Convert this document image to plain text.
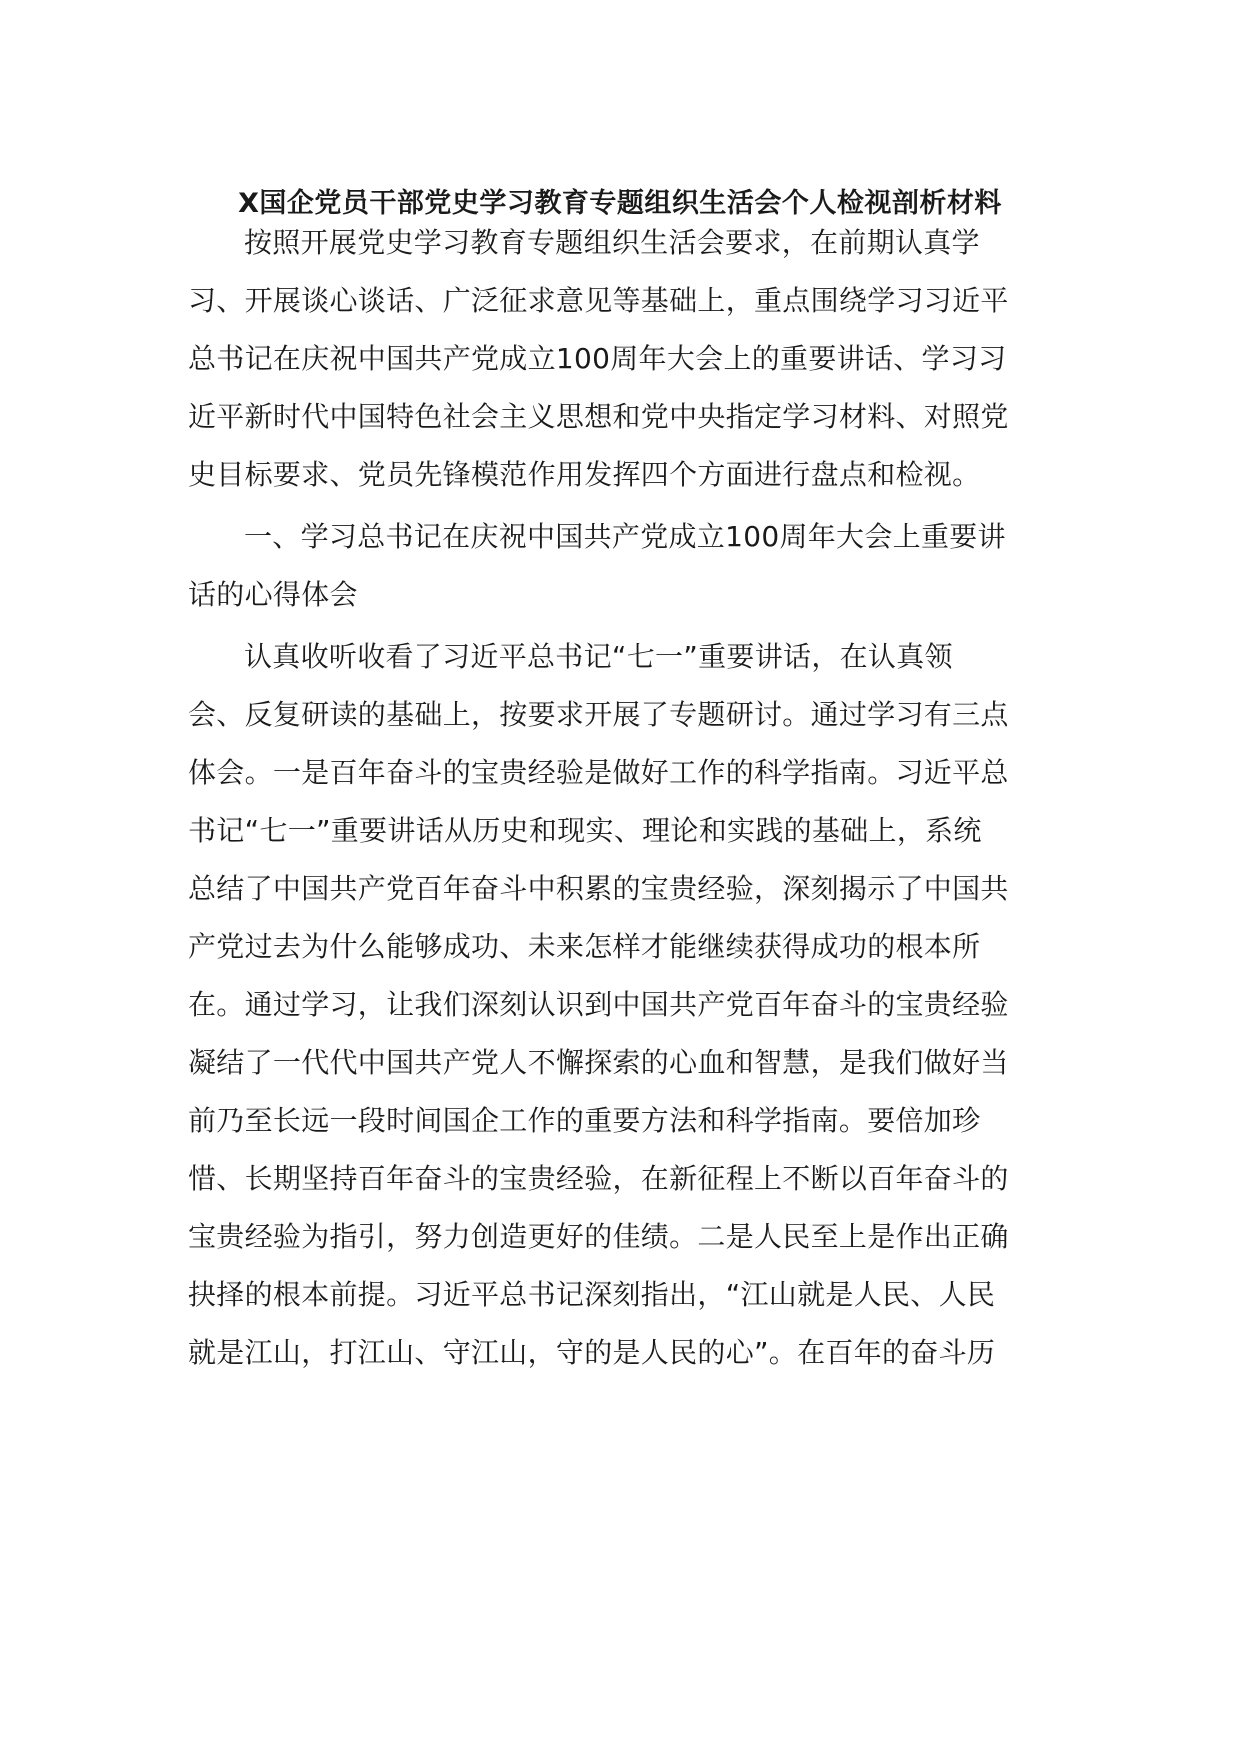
X国企党员干部党史学习教育专题组织生活会个人检视剖析材料
按照开展党史学习教育专题组织生活会要求，在前期认真学
习、开展谈心谈话、广泛征求意见等基础上，重点围绕学习习近平
总书记在庆祝中国共产党成立100周年大会上的重要讲话、学习习
近平新时代中国特色社会主义思想和党中央指定学习材料、对照党
史目标要求、党员先锋模范作用发挥四个方面进行盘点和检视。
一、学习总书记在庆祝中国共产党成立100周年大会上重要讲
话的心得体会
认真收听收看了习近平总书记“七一”重要讲话，在认真领
会、反复研读的基础上，按要求开展了专题研讨。通过学习有三点
体会。一是百年奋斗的宝贵经验是做好工作的科学指南。习近平总
书记“七一”重要讲话从历史和现实、理论和实践的基础上，系统
总结了中国共产党百年奋斗中积累的宝贵经验，深刻揭示了中国共
产党过去为什么能够成功、未来怎样才能继续获得成功的根本所
在。通过学习，让我们深刻认识到中国共产党百年奋斗的宝贵经验
凝结了一代代中国共产党人不懈探索的心血和智慧，是我们做好当
前乃至长远一段时间国企工作的重要方法和科学指南。要倍加珍
惜、长期坚持百年奋斗的宝贵经验，在新征程上不断以百年奋斗的
宝贵经验为指引，努力创造更好的佳绩。二是人民至上是作出正确
抉择的根本前提。习近平总书记深刻指出，“江山就是人民、人民
就是江山，打江山、守江山，守的是人民的心”。在百年的奋斗历
